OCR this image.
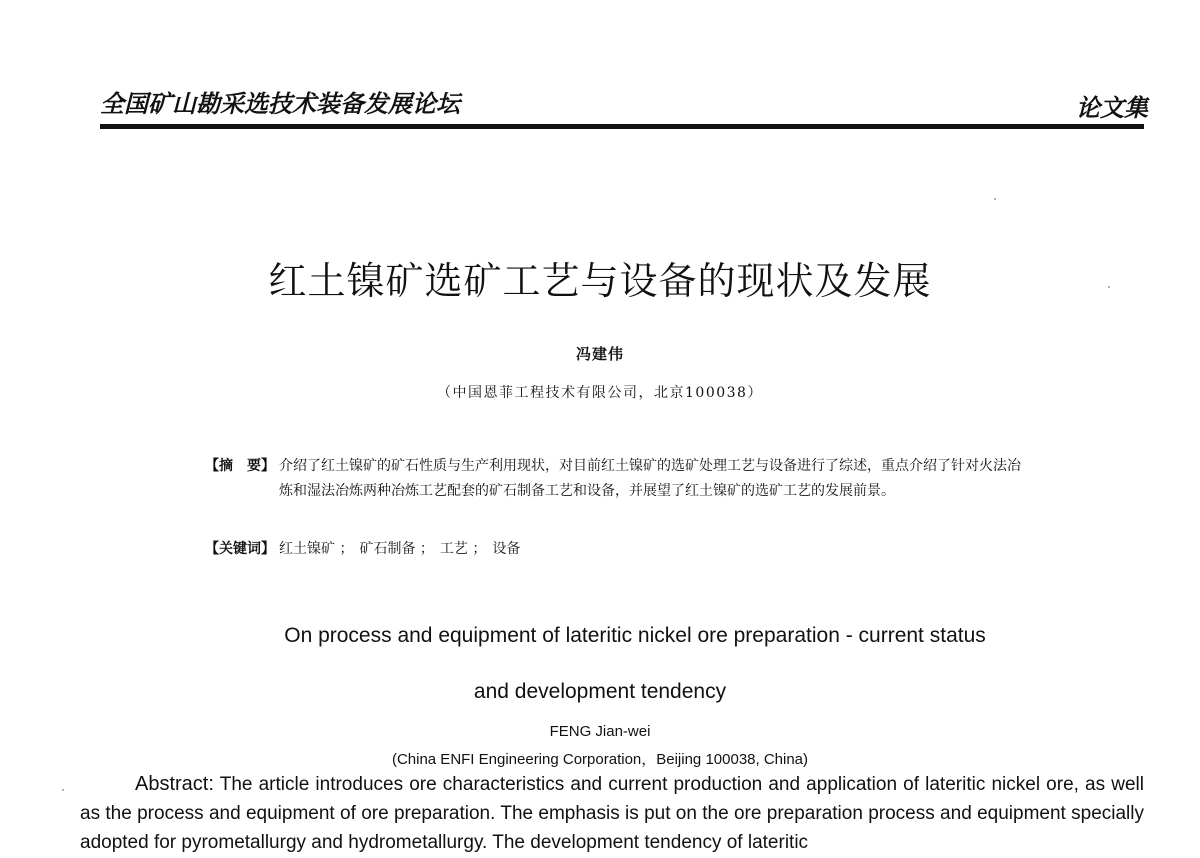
全国矿山勘采选技术装备发展论坛	论文集
红土镍矿选矿工艺与设备的现状及发展
冯建伟
（中国恩菲工程技术有限公司，北京100038）
【摘　要】 介绍了红土镍矿的矿石性质与生产利用现状，对目前红土镍矿的选矿处理工艺与设备进行了综述，重点介绍了针对火法冶炼和湿法冶炼两种冶炼工艺配套的矿石制备工艺和设备，并展望了红土镍矿的选矿工艺的发展前景。
【关键词】 红土镍矿 ； 矿石制备 ； 工艺 ； 设备
On process and equipment of lateritic nickel ore preparation - current status
and development tendency
FENG Jian-wei
(China ENFI Engineering Corporation，Beijing 100038, China)
Abstract: The article introduces ore characteristics and current production and application of lateritic nickel ore, as well as the process and equipment of ore preparation. The emphasis is put on the ore preparation process and equipment specially adopted for pyrometallurgy and hydrometallurgy. The development tendency of lateritic
